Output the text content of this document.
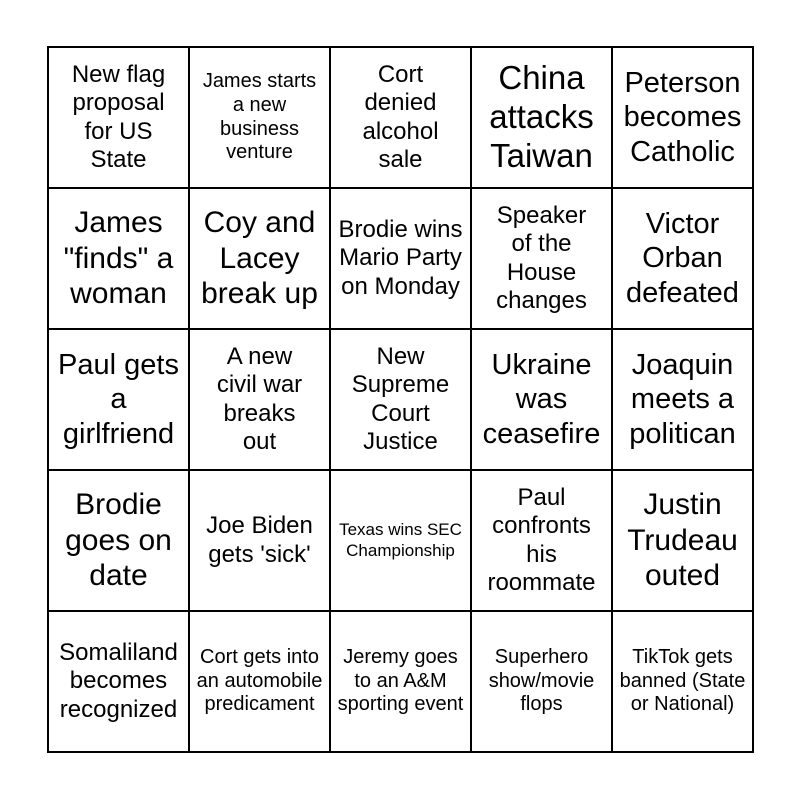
New flag proposal for US State
James starts a new business venture
Cort denied alcohol sale
China attacks Taiwan
Peterson becomes Catholic
James "finds" a woman
Coy and Lacey break up
Brodie wins Mario Party on Monday
Speaker of the House changes
Victor Orban defeated
Paul gets a girlfriend
A new civil war breaks out
New Supreme Court Justice
Ukraine was ceasefire
Joaquin meets a politican
Brodie goes on date
Joe Biden gets 'sick'
Texas wins SEC Championship
Paul confronts his roommate
Justin Trudeau outed
Somaliland becomes recognized
Cort gets into an automobile predicament
Jeremy goes to an A&M sporting event
Superhero show/movie flops
TikTok gets banned (State or National)
